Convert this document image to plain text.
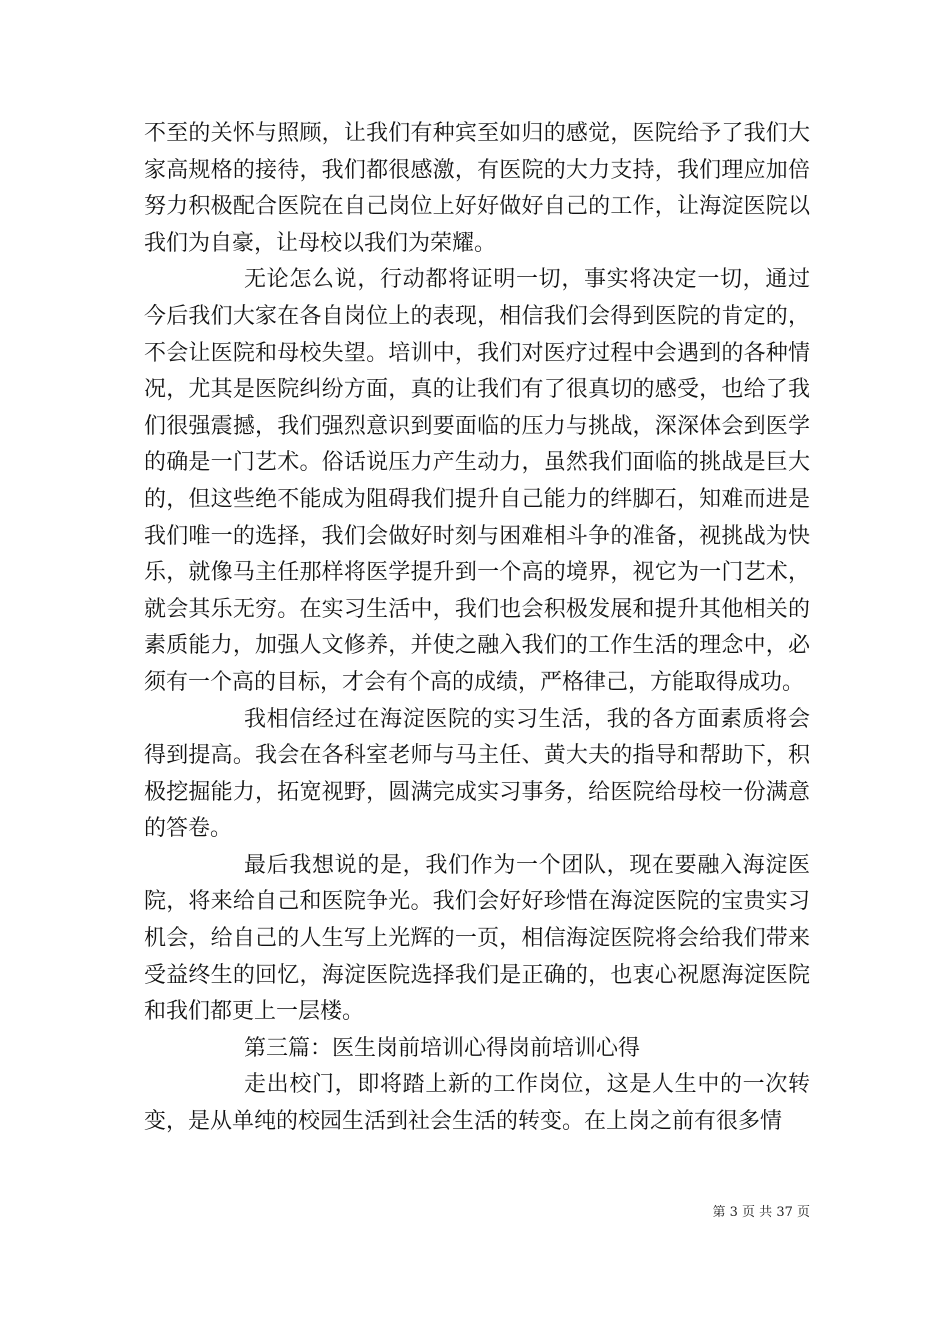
不至的关怀与照顾，让我们有种宾至如归的感觉，医院给予了我们大家高规格的接待，我们都很感激，有医院的大力支持，我们理应加倍努力积极配合医院在自己岗位上好好做好自己的工作，让海淀医院以我们为自豪，让母校以我们为荣耀。

无论怎么说，行动都将证明一切，事实将决定一切，通过今后我们大家在各自岗位上的表现，相信我们会得到医院的肯定的，不会让医院和母校失望。培训中，我们对医疗过程中会遇到的各种情况，尤其是医院纠纷方面，真的让我们有了很真切的感受，也给了我们很强震撼，我们强烈意识到要面临的压力与挑战，深深体会到医学的确是一门艺术。俗话说压力产生动力，虽然我们面临的挑战是巨大的，但这些绝不能成为阻碍我们提升自己能力的绊脚石，知难而进是我们唯一的选择，我们会做好时刻与困难相斗争的准备，视挑战为快乐，就像马主任那样将医学提升到一个高的境界，视它为一门艺术，就会其乐无穷。在实习生活中，我们也会积极发展和提升其他相关的素质能力，加强人文修养，并使之融入我们的工作生活的理念中，必须有一个高的目标，才会有个高的成绩，严格律己，方能取得成功。

我相信经过在海淀医院的实习生活，我的各方面素质将会得到提高。我会在各科室老师与马主任、黄大夫的指导和帮助下，积极挖掘能力，拓宽视野，圆满完成实习事务，给医院给母校一份满意的答卷。

最后我想说的是，我们作为一个团队，现在要融入海淀医院，将来给自己和医院争光。我们会好好珍惜在海淀医院的宝贵实习机会，给自己的人生写上光辉的一页，相信海淀医院将会给我们带来受益终生的回忆，海淀医院选择我们是正确的，也衷心祝愿海淀医院和我们都更上一层楼。

第三篇：医生岗前培训心得岗前培训心得

走出校门，即将踏上新的工作岗位，这是人生中的一次转变，是从单纯的校园生活到社会生活的转变。在上岗之前有很多情

第 3 页 共 37 页
